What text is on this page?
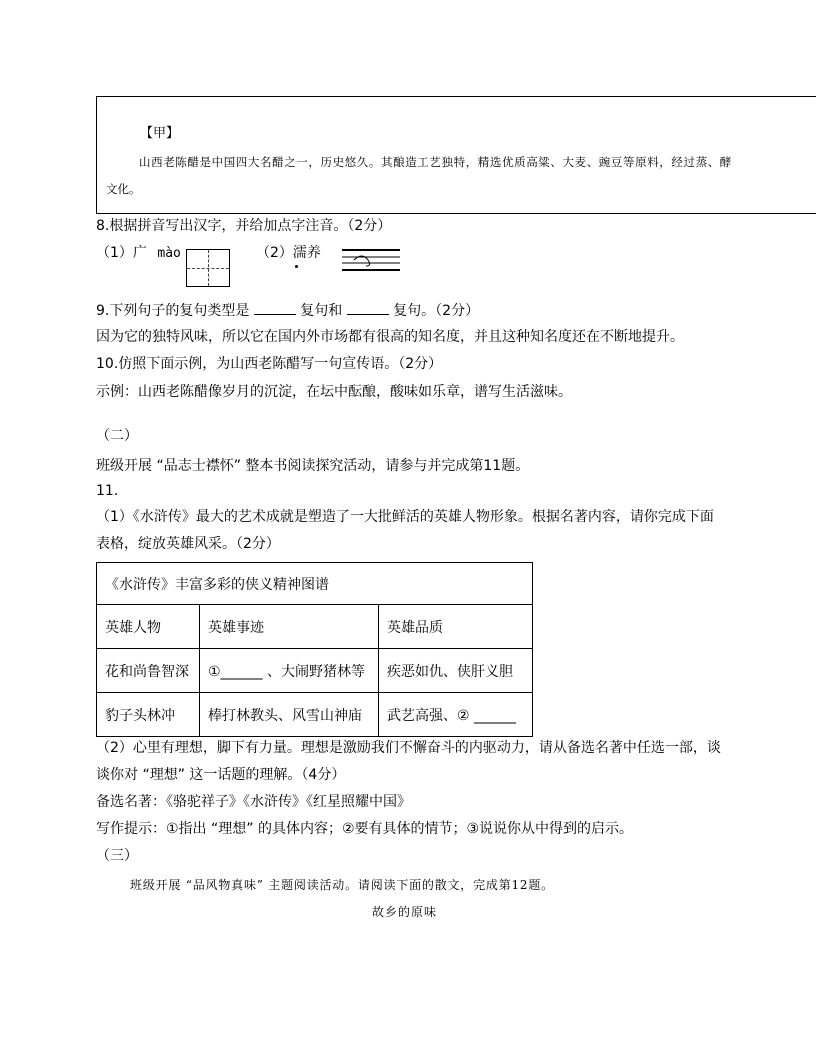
【甲】
山西老陈醋是中国四大名醋之一，历史悠久。其酿造工艺独特，精选优质高粱、大麦、豌豆等原料，经过蒸、酵
文化。
8.根据拼音写出汉字，并给加点字注音。（2分）
（1）广 mào	（2）濡养
9.下列句子的复句类型是	复句和	复句。（2分）
因为它的独特风味，所以它在国内外市场都有很高的知名度，并且这种知名度还在不断地提升。
10.仿照下面示例，为山西老陈醋写一句宣传语。（2分）
示例：山西老陈醋像岁月的沉淀，在坛中酝酿，酸味如乐章，谱写生活滋味。
（二）
班级开展 “品志士襟怀” 整本书阅读探究活动，请参与并完成第11题。
11.
（1）《水浒传》最大的艺术成就是塑造了一大批鲜活的英雄人物形象。根据名著内容，请你完成下面
表格，绽放英雄风采。（2分）
《水浒传》丰富多彩的侠义精神图谱		
英雄人物	英雄事迹	英雄品质
花和尚鲁智深	①______ 、大闹野猪林等	疾恶如仇、侠肝义胆
豹子头林冲	棒打林教头、风雪山神庙	武艺高强、② ______
（2）心里有理想，脚下有力量。理想是激励我们不懈奋斗的内驱动力，请从备选名著中任选一部，谈
谈你对 “理想” 这一话题的理解。（4分）
备选名著：《骆驼祥子》《水浒传》《红星照耀中国》
写作提示：①指出 “理想” 的具体内容；②要有具体的情节；③说说你从中得到的启示。
（三）
班级开展 “品风物真味” 主题阅读活动。请阅读下面的散文，完成第12题。
故乡的原味
